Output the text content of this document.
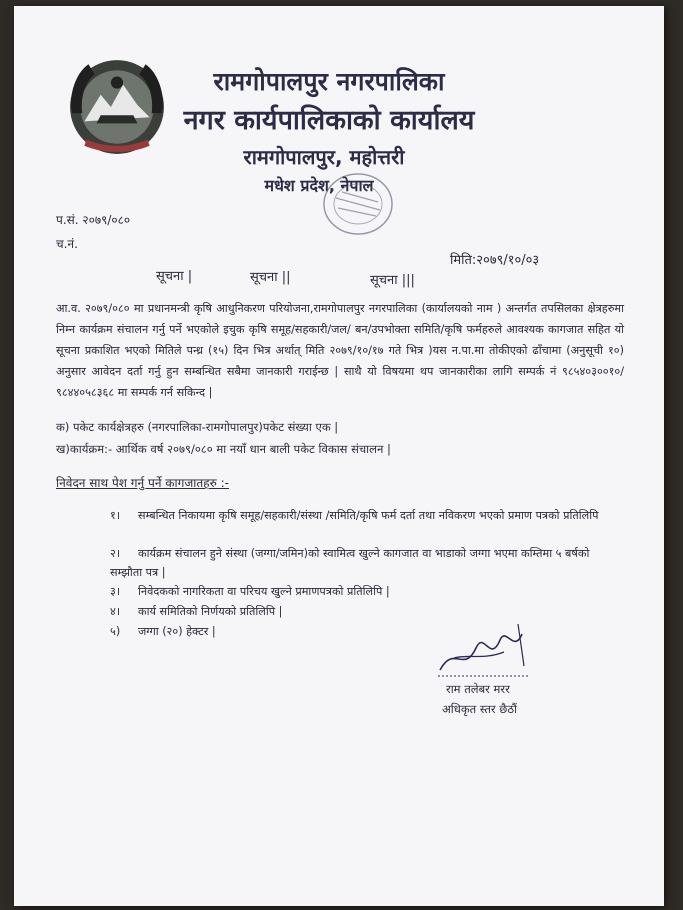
रामगोपालपुर नगरपालिका
नगर कार्यपालिकाको कार्यालय
रामगोपालपुर, महोत्तरी
मधेश प्रदेश, नेपाल
प.सं. २०७९/०८०
च.नं.
मिति:२०७९/१०/०३
सूचना |	सूचना ||	सूचना |||
आ.व. २०७९/०८० मा प्रधानमन्त्री कृषि आधुनिकरण परियोजना,रामगोपालपुर नगरपालिका (कार्यालयको नाम ) अन्तर्गत तपसिलका क्षेत्रहरुमा निम्न कार्यक्रम संचालन गर्नु पर्ने भएकोले इचुक कृषि समूह/सहकारी/जल/ बन/उपभोक्ता समिति/कृषि फर्महरुले आवश्यक कागजात सहित यो सूचना प्रकाशित भएको मितिले पन्ध्र (१५) दिन भित्र अर्थात् मिति २०७९/१०/१७ गते भित्र )यस न.पा.मा तोकीएको ढाँचामा (अनुसूची १०) अनुसार आवेदन दर्ता गर्नु हुन सम्बन्धित सबैमा जानकारी गराईन्छ | साथै यो विषयमा थप जानकारीका लागि सम्पर्क नं ९८५४०३००१०/ ९८४४०५८३६८ मा सम्पर्क गर्न सकिन्द |
क) पकेट कार्यक्षेत्रहरु (नगरपालिका-रामगोपालपुर)पकेट संख्या एक |
ख)कार्यक्रम:- आर्थिक वर्ष २०७९/०८० मा नयाँ धान बाली पकेट विकास संचालन |
निवेदन साथ पेश गर्नु पर्ने कागजातहरु :-
१। सम्बन्धित निकायमा कृषि समूह/सहकारी/संस्था /समिति/कृषि फर्म दर्ता तथा नविकरण भएको प्रमाण पत्रको प्रतिलिपि
२। कार्यक्रम संचालन हुने संस्था (जग्गा/जमिन)को स्वामित्व खुल्ने कागजात वा भाडाको जग्गा भएमा कम्तिमा ५ बर्षको सम्झौता पत्र |
३। निवेदकको नागरिकता वा परिचय खुल्ने प्रमाणपत्रको प्रतिलिपि |
४। कार्य समितिको निर्णयको प्रतिलिपि |
५) जग्गा (२०) हेक्टर |
राम तलेबर मरर
अधिकृत स्तर छैठौं
